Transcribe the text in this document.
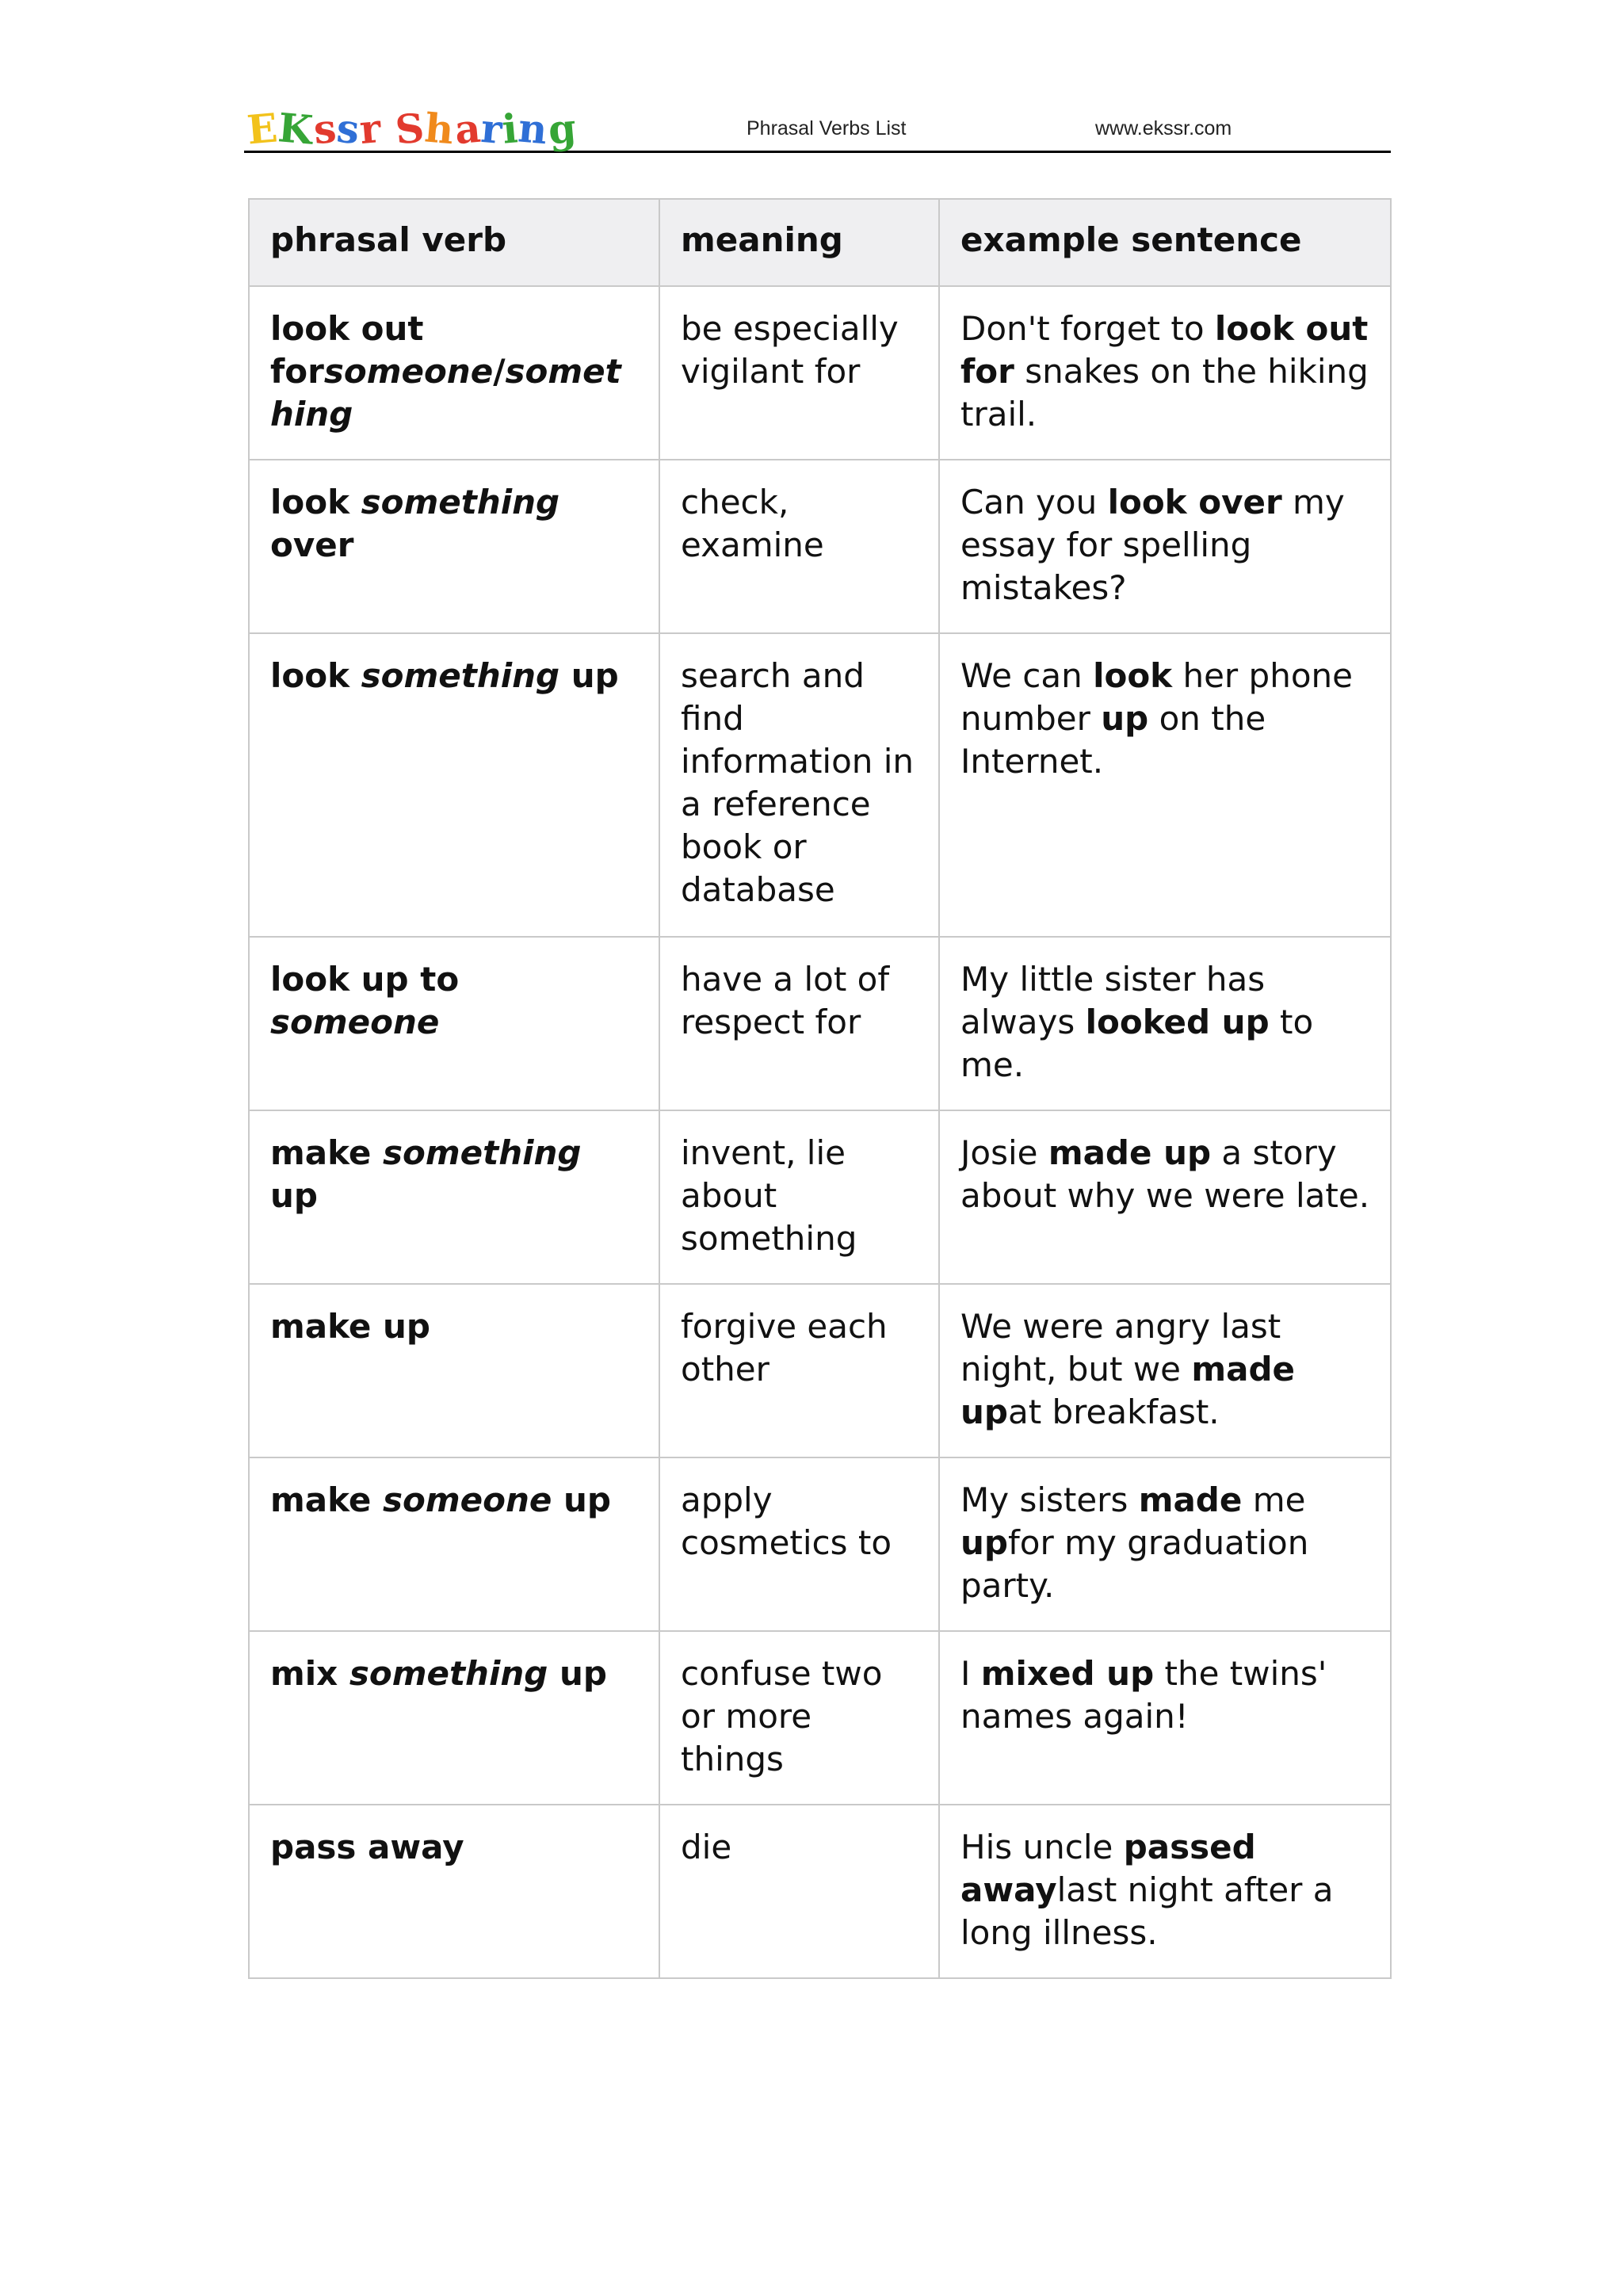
E
K
s
s
r S
h
a
r
i
n
g	Phrasal Verbs List	www.ekssr.com
phrasal verb	meaning	example sentence
look out forsomeone/something	be especially vigilant for	Don't forget to look out for snakes on the hiking trail.
look something over	check, examine	Can you look over my essay for spelling mistakes?
look something up	search and find information in a reference book or database	We can look her phone number up on the Internet.
look up to someone	have a lot of respect for	My little sister has always looked up to me.
make something up	invent, lie about something	Josie made up a story about why we were late.
make up	forgive each other	We were angry last night, but we made upat breakfast.
make someone up	apply cosmetics to	My sisters made me upfor my graduation party.
mix something up	confuse two or more things	I mixed up the twins' names again!
pass away	die	His uncle passed awaylast night after a long illness.
